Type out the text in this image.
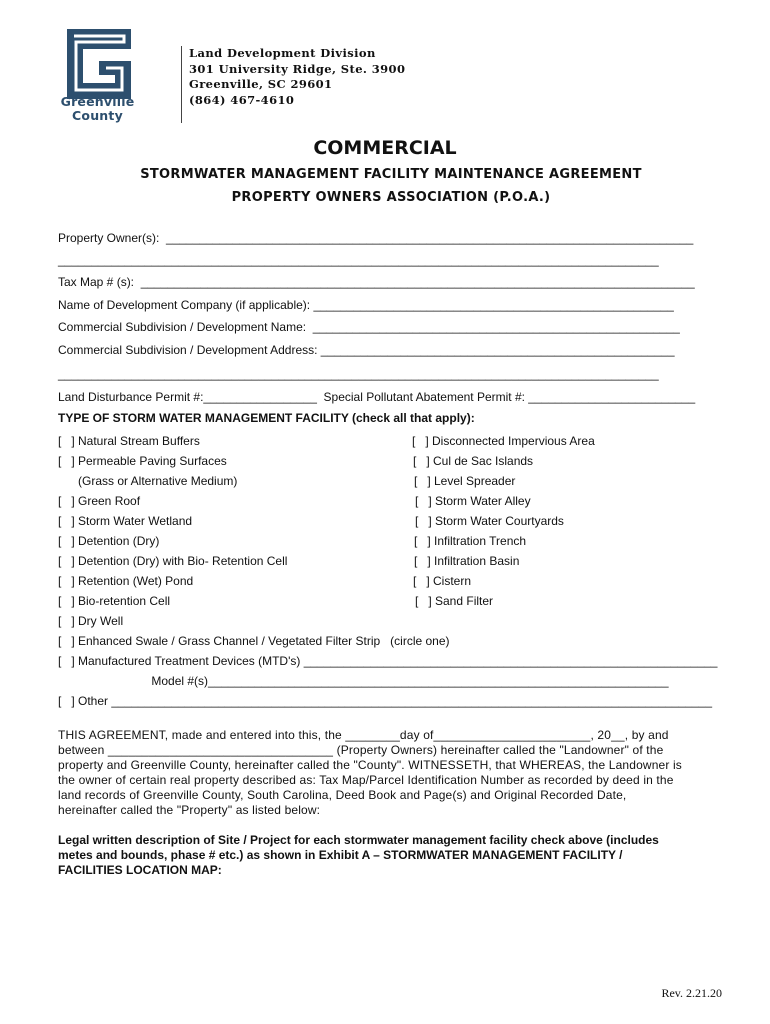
Greenville
County
Land Development Division
301 University Ridge, Ste. 3900
Greenville, SC 29601
(864) 467-4610
COMMERCIAL
STORMWATER MANAGEMENT FACILITY MAINTENANCE AGREEMENT
PROPERTY OWNERS ASSOCIATION (P.O.A.)
Property Owner(s):  _______________________________________________________________________________
__________________________________________________________________________________________
Tax Map # (s):  ___________________________________________________________________________________
Name of Development Company (if applicable): ______________________________________________________
Commercial Subdivision / Development Name:  _______________________________________________________
Commercial Subdivision / Development Address: _____________________________________________________
__________________________________________________________________________________________
Land Disturbance Permit #:_________________  Special Pollutant Abatement Permit #: _________________________
TYPE OF STORM WATER MANAGEMENT FACILITY (check all that apply):
[   ] Natural Stream Buffers
[   ] Permeable Paving Surfaces
(Grass or Alternative Medium)
[   ] Green Roof
[   ] Storm Water Wetland
[   ] Detention (Dry)
[   ] Detention (Dry) with Bio- Retention Cell
[   ] Retention (Wet) Pond
[   ] Bio-retention Cell
[   ] Dry Well
[   ] Enhanced Swale / Grass Channel / Vegetated Filter Strip   (circle one)
[   ] Manufactured Treatment Devices (MTD's) ______________________________________________________________
Model #(s)_____________________________________________________________________
[   ] Other __________________________________________________________________________________________
[   ] Disconnected Impervious Area
[   ] Cul de Sac Islands
[   ] Level Spreader
[   ] Storm Water Alley
[   ] Storm Water Courtyards
[   ] Infiltration Trench
[   ] Infiltration Basin
[   ] Cistern
[   ] Sand Filter
THIS AGREEMENT, made and entered into this, the ________day of_______________________, 20__, by and
between _________________________________ (Property Owners) hereinafter called the "Landowner" of the
property and Greenville County, hereinafter called the "County". WITNESSETH, that WHEREAS, the Landowner is
the owner of certain real property described as: Tax Map/Parcel Identification Number as recorded by deed in the
land records of Greenville County, South Carolina, Deed Book and Page(s) and Original Recorded Date,
hereinafter called the "Property" as listed below:
Legal written description of Site / Project for each stormwater management facility check above (includes
metes and bounds, phase # etc.) as shown in Exhibit A – STORMWATER MANAGEMENT FACILITY /
FACILITIES LOCATION MAP:
Rev. 2.21.20
